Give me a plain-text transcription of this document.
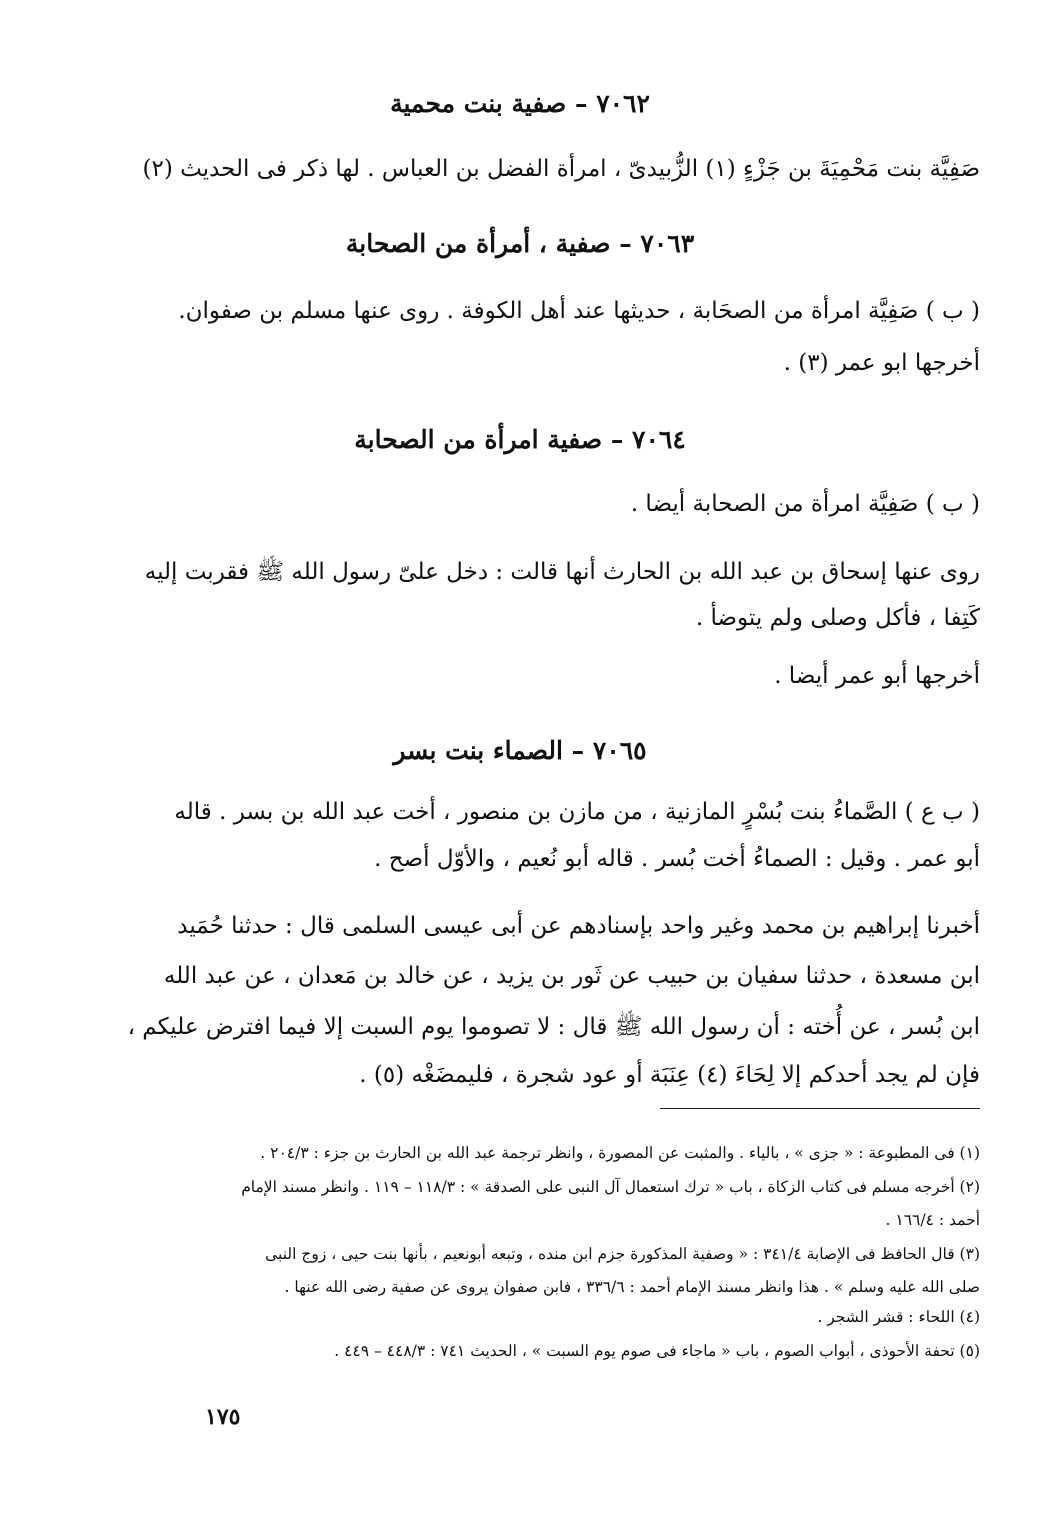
٧٠٦٢ – صفية بنت محمية
صَفِيَّة بنت مَحْمِيَةَ بن جَزْءٍ (١) الزُّبيدىّ ، امرأة الفضل بن العباس . لها ذكر فى الحديث (٢)
٧٠٦٣ – صفية ، أمرأة من الصحابة
( ب ) صَفِيَّة امرأة من الصحَابة ، حديثها عند أهل الكوفة . روى عنها مسلم بن صفوان.
أخرجها ابو عمر (٣) .
٧٠٦٤ – صفية امرأة من الصحابة
( ب ) صَفِيَّة امرأة من الصحابة أيضا .
روى عنها إسحاق بن عبد الله بن الحارث أنها قالت : دخل علىّ رسول الله ﷺ فقربت إليه
كَتِفا ، فأكل وصلى ولم يتوضأ .
أخرجها أبو عمر أيضا .
٧٠٦٥ – الصماء بنت بسر
( ب ع ) الصَّماءُ بنت بُسْرٍ المازنية ، من مازن بن منصور ، أخت عبد الله بن بسر . قاله
أبو عمر . وقيل : الصماءُ أخت بُسر . قاله أبو نُعيم ، والأوّل أصح .
أخبرنا إبراهيم بن محمد وغير واحد بإسنادهم عن أبى عيسى السلمى قال : حدثنا حُمَيد
ابن مسعدة ، حدثنا سفيان بن حبيب عن ثَور بن يزيد ، عن خالد بن مَعدان ، عن عبد الله
ابن بُسر ، عن أُخته : أن رسول الله ﷺ قال : لا تصوموا يوم السبت إلا فيما افترض عليكم ،
فإن لم يجد أحدكم إلا لِحَاءَ (٤) عِنَبَة أو عود شجرة ، فليمضَغْه (٥) .
(١) فى المطبوعة : « جزى » ، بالياء . والمثبت عن المصورة ، وانظر ترجمة عبد الله بن الحارث بن جزء : ٢٠٤/٣ .
(٢) أخرجه مسلم فى كتاب الزكاة ، باب « ترك استعمال آل النبى على الصدقة » : ١١٨/٣ – ١١٩ . وانظر مسند الإمام
أحمد : ١٦٦/٤ .
(٣) قال الحافظ فى الإصابة ٣٤١/٤ : « وصفية المذكورة جزم ابن منده ، وتبعه أبونعيم ، بأنها بنت حيى ، زوج النبى
صلى الله عليه وسلم » . هذا وانظر مسند الإمام أحمد : ٣٣٦/٦ ، فابن صفوان يروى عن صفية رضى الله عنها .
(٤) اللحاء : قشر الشجر .
(٥) تحفة الأحوذى ، أبواب الصوم ، باب « ماجاء فى صوم يوم السبت » ، الحديث ٧٤١ : ٤٤٨/٣ – ٤٤٩ .
١٧٥
